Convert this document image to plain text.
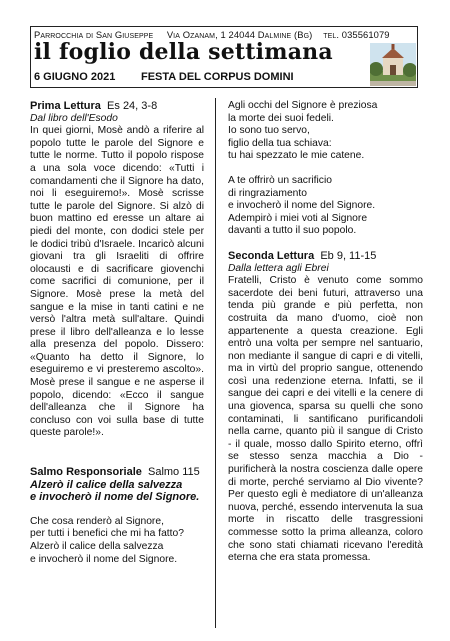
Parrocchia di San Giuseppe Via Ozanam, 1 24044 Dalmine (Bg) tel. 035561079
il foglio della settimana
6 GIUGNO 2021 FESTA DEL CORPUS DOMINI
Prima Lettura Es 24, 3-8
Dal libro dell'Esodo
In quei giorni, Mosè andò a riferire al popolo tutte le parole del Signore e tutte le norme. Tutto il popolo rispose a una sola voce dicendo: «Tutti i comandamenti che il Signore ha dato, noi li eseguiremo!». Mosè scrisse tutte le parole del Signore. Si alzò di buon mattino ed eresse un altare ai piedi del monte, con dodici stele per le dodici tribù d'Israele. Incaricò alcuni giovani tra gli Israeliti di offrire olocausti e di sacrificare giovenchi come sacrifici di comunione, per il Signore. Mosè prese la metà del sangue e la mise in tanti catini e ne versò l'altra metà sull'altare. Quindi prese il libro dell'alleanza e lo lesse alla presenza del popolo. Dissero: «Quanto ha detto il Signore, lo eseguiremo e vi presteremo ascolto». Mosè prese il sangue e ne asperse il popolo, dicendo: «Ecco il sangue dell'alleanza che il Signore ha concluso con voi sulla base di tutte queste parole!».
Salmo Responsoriale Salmo 115
Alzerò il calice della salvezza
e invocherò il nome del Signore.
Che cosa renderò al Signore,
per tutti i benefici che mi ha fatto?
Alzerò il calice della salvezza
e invocherò il nome del Signore.
Agli occhi del Signore è preziosa
la morte dei suoi fedeli.
Io sono tuo servo,
figlio della tua schiava:
tu hai spezzato le mie catene.
A te offrirò un sacrificio
di ringraziamento
e invocherò il nome del Signore.
Adempirò i miei voti al Signore
davanti a tutto il suo popolo.
Seconda Lettura Eb 9, 11-15
Dalla lettera agli Ebrei
Fratelli, Cristo è venuto come sommo sacerdote dei beni futuri, attraverso una tenda più grande e più perfetta, non costruita da mano d'uomo, cioè non appartenente a questa creazione. Egli entrò una volta per sempre nel santuario, non mediante il sangue di capri e di vitelli, ma in virtù del proprio sangue, ottenendo così una redenzione eterna. Infatti, se il sangue dei capri e dei vitelli e la cenere di una giovenca, sparsa su quelli che sono contaminati, li santificano purificandoli nella carne, quanto più il sangue di Cristo - il quale, mosso dallo Spirito eterno, offrì se stesso senza macchia a Dio - purificherà la nostra coscienza dalle opere di morte, perché serviamo al Dio vivente? Per questo egli è mediatore di un'alleanza nuova, perché, essendo intervenuta la sua morte in riscatto delle trasgressioni commesse sotto la prima alleanza, coloro che sono stati chiamati ricevano l'eredità eterna che era stata promessa.
